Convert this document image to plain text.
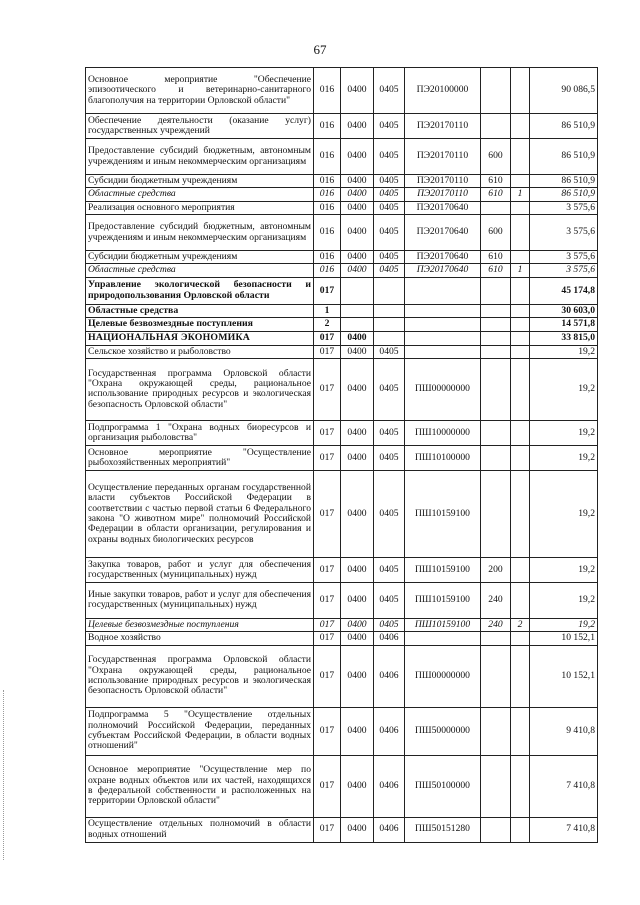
67
Основное мероприятие "Обеспечение эпизоотического и ветеринарно-санитарного благополучия на территории Орловской области"	016	0400	0405	ПЭ20100000			90 086,5
Обеспечение деятельности (оказание услуг) государственных учреждений	016	0400	0405	ПЭ20170110			86 510,9
Предоставление субсидий бюджетным, автономным учреждениям и иным некоммерческим организациям	016	0400	0405	ПЭ20170110	600		86 510,9
Субсидии бюджетным учреждениям	016	0400	0405	ПЭ20170110	610		86 510,9
Областные средства	016	0400	0405	ПЭ20170110	610	1	86 510,9
Реализация основного мероприятия	016	0400	0405	ПЭ20170640			3 575,6
Предоставление субсидий бюджетным, автономным учреждениям и иным некоммерческим организациям	016	0400	0405	ПЭ20170640	600		3 575,6
Субсидии бюджетным учреждениям	016	0400	0405	ПЭ20170640	610		3 575,6
Областные средства	016	0400	0405	ПЭ20170640	610	1	3 575,6
Управление экологической безопасности и природопользования Орловской области	017						45 174,8
Областные средства	1						30 603,0
Целевые безвозмездные поступления	2						14 571,8
НАЦИОНАЛЬНАЯ ЭКОНОМИКА	017	0400					33 815,0
Сельское хозяйство и рыболовство	017	0400	0405				19,2
Государственная программа Орловской области "Охрана окружающей среды, рациональное использование природных ресурсов и экологическая безопасность Орловской области"	017	0400	0405	ПШ00000000			19,2
Подпрограмма 1 "Охрана водных биоресурсов и организация рыболовства"	017	0400	0405	ПШ10000000			19,2
Основное мероприятие "Осуществление рыбохозяйственных мероприятий"	017	0400	0405	ПШ10100000			19,2
Осуществление переданных органам государственной власти субъектов Российской Федерации в соответствии с частью первой статьи 6 Федерального закона "О животном мире" полномочий Российской Федерации в области организации, регулирования и охраны водных биологических ресурсов	017	0400	0405	ПШ10159100			19,2
Закупка товаров, работ и услуг для обеспечения государственных (муниципальных) нужд	017	0400	0405	ПШ10159100	200		19,2
Иные закупки товаров, работ и услуг для обеспечения государственных (муниципальных) нужд	017	0400	0405	ПШ10159100	240		19,2
Целевые безвозмездные поступления	017	0400	0405	ПШ10159100	240	2	19,2
Водное хозяйство	017	0400	0406				10 152,1
Государственная программа Орловской области "Охрана окружающей среды, рациональное использование природных ресурсов и экологическая безопасность Орловской области"	017	0400	0406	ПШ00000000			10 152,1
Подпрограмма 5 "Осуществление отдельных полномочий Российской Федерации, переданных субъектам Российской Федерации, в области водных отношений"	017	0400	0406	ПШ50000000			9 410,8
Основное мероприятие "Осуществление мер по охране водных объектов или их частей, находящихся в федеральной собственности и расположенных на территории Орловской области"	017	0400	0406	ПШ50100000			7 410,8
Осуществление отдельных полномочий в области водных отношений	017	0400	0406	ПШ50151280			7 410,8
